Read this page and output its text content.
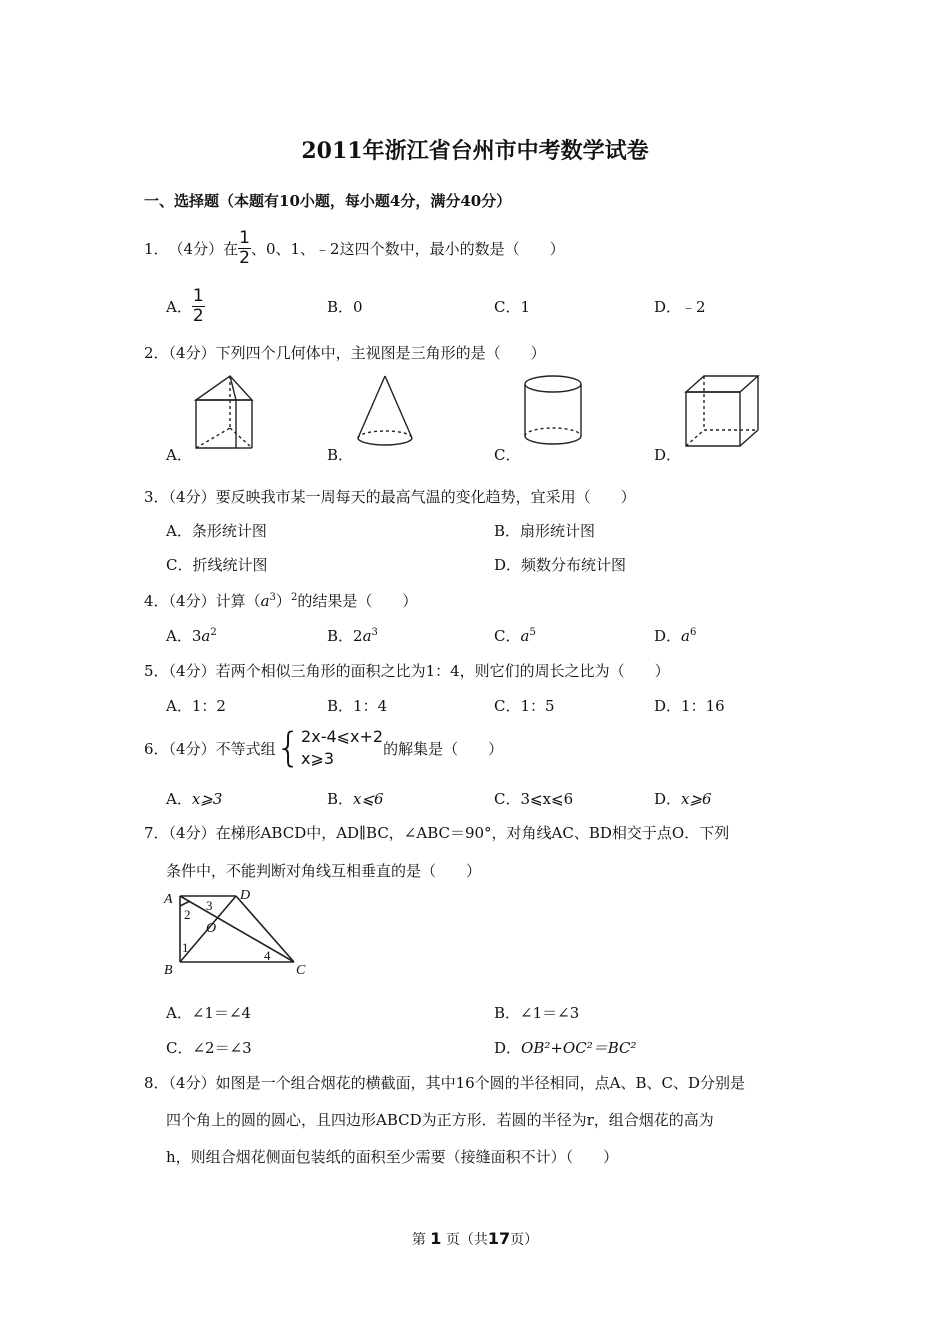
2011年浙江省台州市中考数学试卷
一、选择题（本题有10小题，每小题4分，满分40分）
1． （4分） 在 $\frac{1}{2}$ 、0、1、﹣2这四个数中，最小的数是（　　）
A． $\frac{1}{2}$	B．0	C．1	D．﹣2
2．（4分）下列四个几何体中，主视图是三角形的是（　　）
A．	B．	C．	D．
3．（4分）要反映我市某一周每天的最高气温的变化趋势，宜采用（　　）
A．条形统计图	B．扇形统计图
C．折线统计图	D．频数分布统计图
4．（4分）计算$(a^3)^2$的结果是（　　）
A．$3a^2$	B．$2a^3$	C．$a^5$	D．$a^6$
5．（4分）若两个相似三角形的面积之比为1：4，则它们的周长之比为（　　）
A．1：2	B．1：4	C．1：5	D．1：16
6．（4分）不等式组 { 2x-4⩽x+2
x⩾3
的解集是（　　）
A．x⩾3	B．x⩽6	C．3⩽x⩽6	D．x⩾6
7．（4分）在梯形ABCD中，AD∥BC，∠ABC＝90°，对角线AC、BD相交于点O．下列
条件中，不能判断对角线互相垂直的是（　　）
A	D
B	C
O
1
2
3
4
A．∠1＝∠4	B．∠1＝∠3
C．∠2＝∠3	D．OB²+OC²＝BC²
8．（4分）如图是一个组合烟花的横截面，其中16个圆的半径相同，点A、B、C、D分别是
四个角上的圆的圆心，且四边形ABCD为正方形．若圆的半径为r，组合烟花的高为
h，则组合烟花侧面包装纸的面积至少需要（接缝面积不计）（　　）
第 1 页（共17页）
